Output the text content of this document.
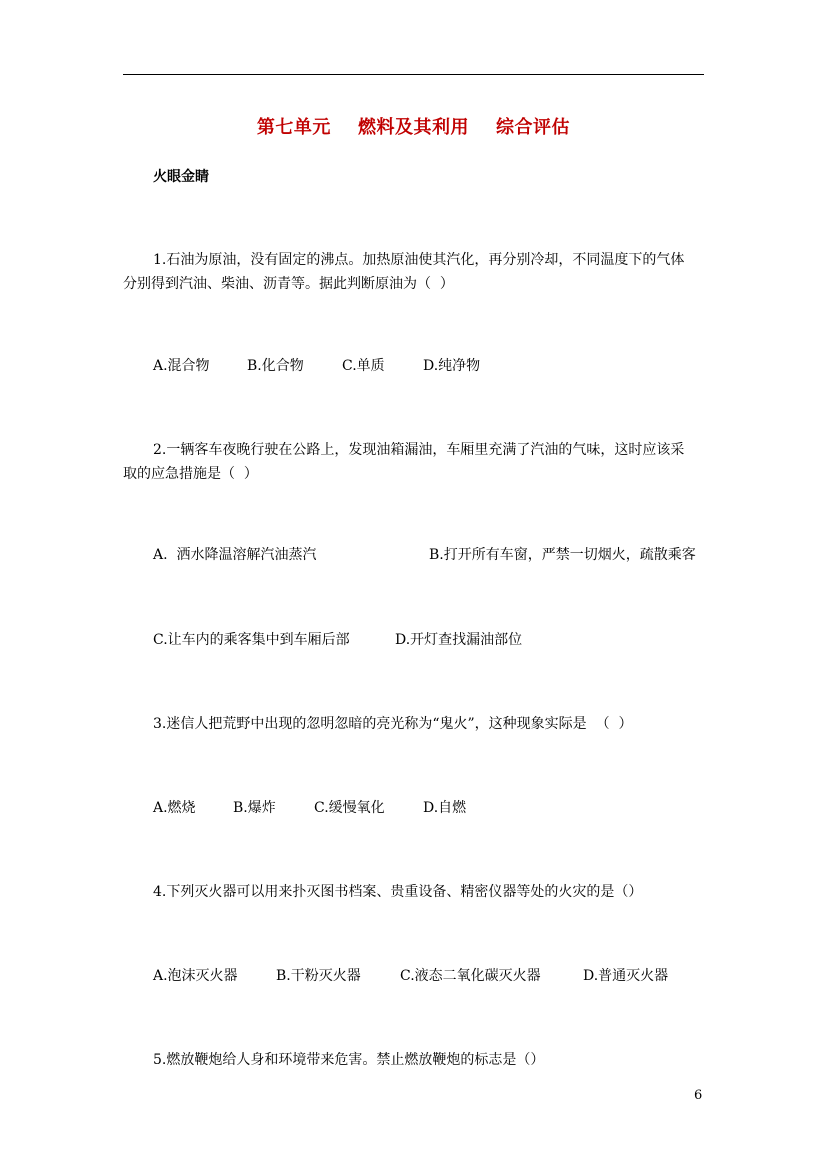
第七单元    燃料及其利用    综合评估
火眼金睛
1.石油为原油，没有固定的沸点。加热原油使其汽化，再分别冷却，不同温度下的气体
分别得到汽油、柴油、沥青等。据此判断原油为（  ）
A.混合物	B.化合物	C.单质	D.纯净物
2.一辆客车夜晚行驶在公路上，发现油箱漏油，车厢里充满了汽油的气味，这时应该采
取的应急措施是（  ）
A.  洒水降温溶解汽油蒸汽	B.打开所有车窗，严禁一切烟火，疏散乘客
C.让车内的乘客集中到车厢后部	D.开灯查找漏油部位
3.迷信人把荒野中出现的忽明忽暗的亮光称为“鬼火”，这种现象实际是  （  ）
A.燃烧	B.爆炸	C.缓慢氧化	D.自燃
4.下列灭火器可以用来扑灭图书档案、贵重设备、精密仪器等处的火灾的是（）
A.泡沫灭火器	B.干粉灭火器	C.液态二氧化碳灭火器	D.普通灭火器
5.燃放鞭炮给人身和环境带来危害。禁止燃放鞭炮的标志是（）
6
